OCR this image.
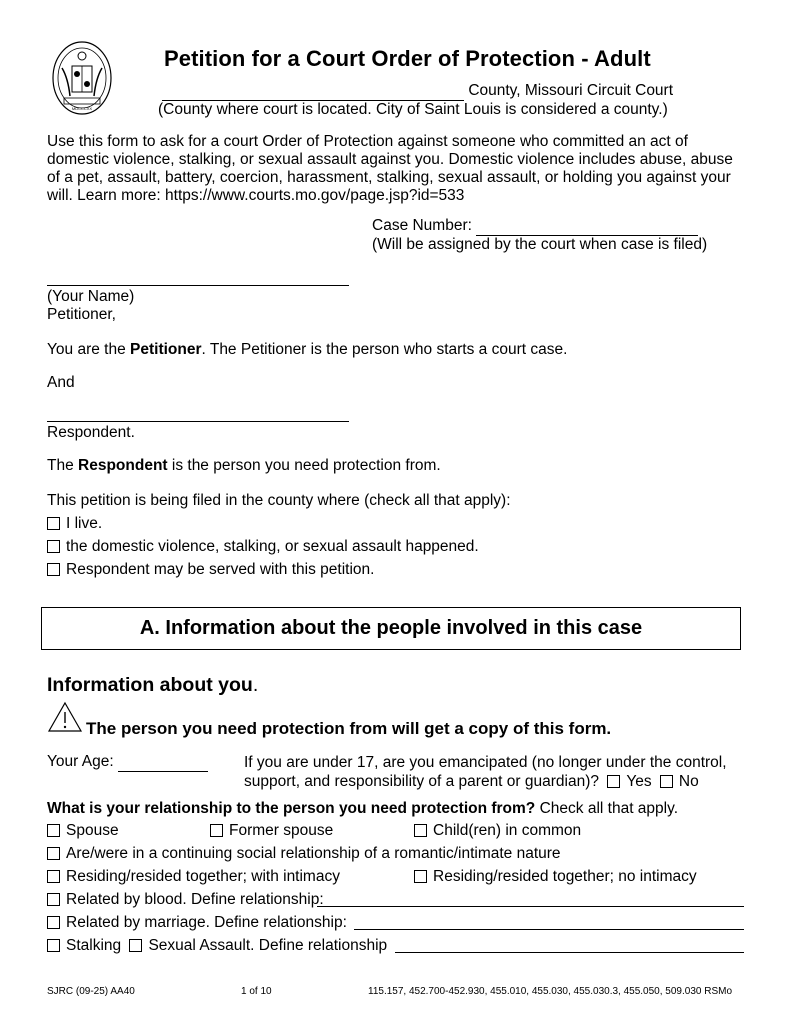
MDCCCXX
Petition for a Court Order of Protection - Adult
County, Missouri Circuit Court
(County where court is located. City of Saint Louis is considered a county.)
Use this form to ask for a court Order of Protection against someone who committed an act of domestic violence, stalking, or sexual assault against you. Domestic violence includes abuse, abuse of a pet, assault, battery, coercion, harassment, stalking, sexual assault, or holding you against your will. Learn more: https://www.courts.mo.gov/page.jsp?id=533
Case Number:
(Will be assigned by the court when case is filed)
(Your Name)
Petitioner,
You are the Petitioner. The Petitioner is the person who starts a court case.
And
Respondent.
The Respondent is the person you need protection from.
This petition is being filed in the county where (check all that apply):
I live.
the domestic violence, stalking, or sexual assault happened.
Respondent may be served with this petition.
A. Information about the people involved in this case
Information about you.
The person you need protection from will get a copy of this form.
Your Age:	If you are under 17, are you emancipated (no longer under the control,
support, and responsibility of a parent or guardian)? Yes No
What is your relationship to the person you need protection from? Check all that apply.
Spouse	Former spouse	Child(ren) in common
Are/were in a continuing social relationship of a romantic/intimate nature
Residing/resided together; with intimacy	Residing/resided together; no intimacy
Related by blood. Define relationship:
Related by marriage. Define relationship:
Stalking Sexual Assault. Define relationship
SJRC (09-25) AA40	1 of 10	115.157, 452.700-452.930, 455.010, 455.030, 455.030.3, 455.050, 509.030 RSMo
